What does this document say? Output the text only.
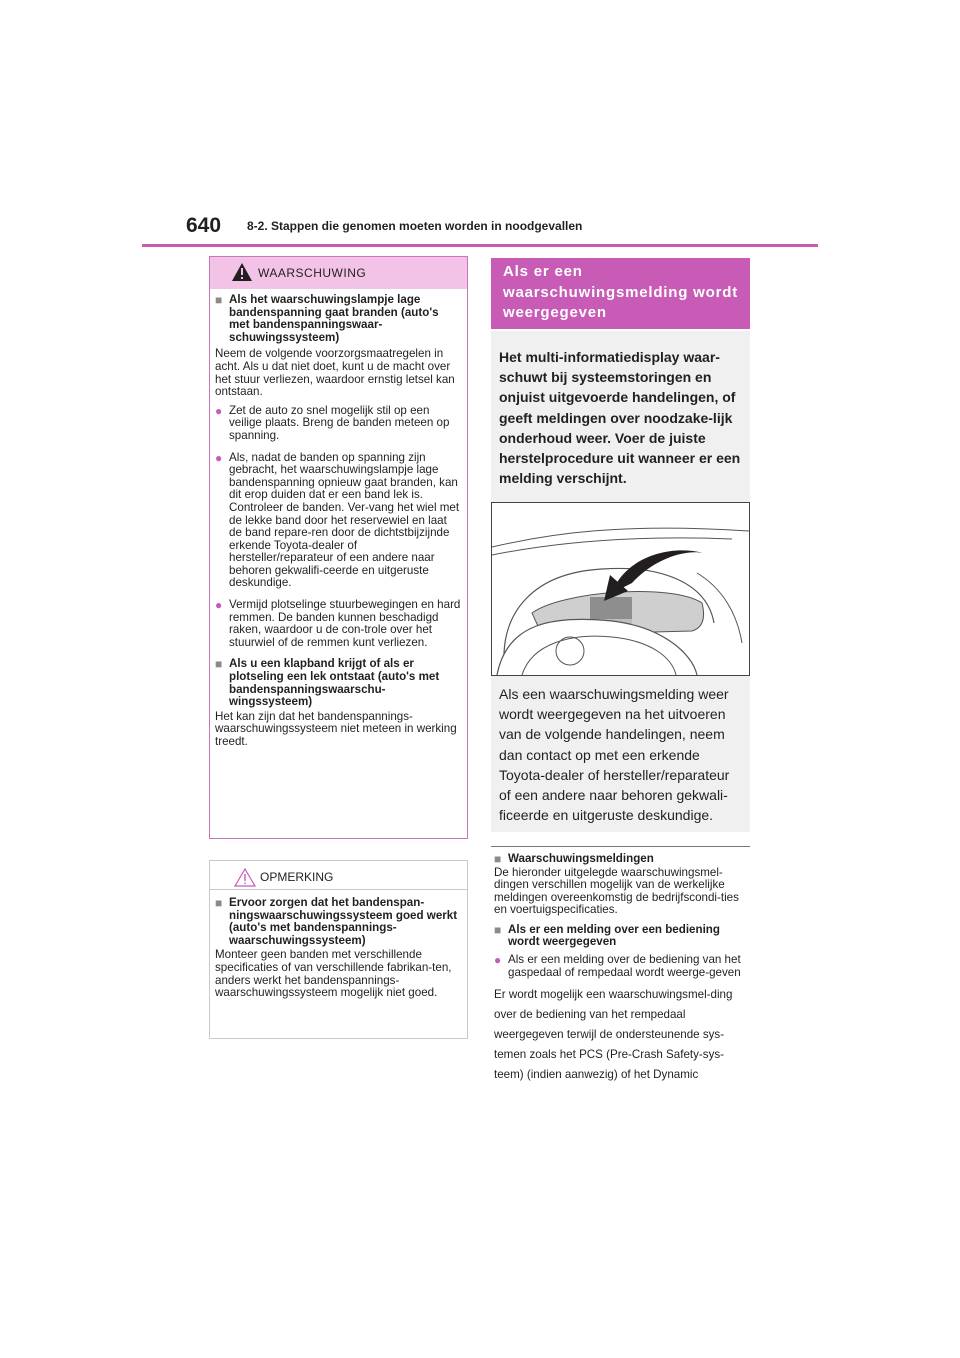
640 8-2. Stappen die genomen moeten worden in noodgevallen
WAARSCHUWING
■ Als het waarschuwingslampje lage bandenspanning gaat branden (auto's met bandenspanningswaar-schuwingssysteem)
Neem de volgende voorzorgsmaatregelen in acht. Als u dat niet doet, kunt u de macht over het stuur verliezen, waardoor ernstig letsel kan ontstaan.
● Zet de auto zo snel mogelijk stil op een veilige plaats. Breng de banden meteen op spanning.
● Als, nadat de banden op spanning zijn gebracht, het waarschuwingslampje lage bandenspanning opnieuw gaat branden, kan dit erop duiden dat er een band lek is. Controleer de banden. Ver-vang het wiel met de lekke band door het reservewiel en laat de band repare-ren door de dichtstbijzijnde erkende Toyota-dealer of hersteller/reparateur of een andere naar behoren gekwalifi-ceerde en uitgeruste deskundige.
● Vermijd plotselinge stuurbewegingen en hard remmen. De banden kunnen beschadigd raken, waardoor u de con-trole over het stuurwiel of de remmen kunt verliezen.
■ Als u een klapband krijgt of als er plotseling een lek ontstaat (auto's met bandenspanningswaarschu-wingssysteem)
Het kan zijn dat het bandenspannings-waarschuwingssysteem niet meteen in werking treedt.
OPMERKING
■ Ervoor zorgen dat het bandenspan-ningswaarschuwingssysteem goed werkt (auto's met bandenspannings-waarschuwingssysteem)
Monteer geen banden met verschillende specificaties of van verschillende fabrikan-ten, anders werkt het bandenspannings-waarschuwingssysteem mogelijk niet goed.
Als er een waarschuwingsmelding wordt weergegeven
Het multi-informatiedisplay waar-schuwt bij systeemstoringen en onjuist uitgevoerde handelingen, of geeft meldingen over noodzake-lijk onderhoud weer. Voer de juiste herstelprocedure uit wanneer er een melding verschijnt.
Als een waarschuwingsmelding weer wordt weergegeven na het uitvoeren van de volgende handelingen, neem dan contact op met een erkende Toyota-dealer of hersteller/reparateur of een andere naar behoren gekwali-ficeerde en uitgeruste deskundige.
■ Waarschuwingsmeldingen
De hieronder uitgelegde waarschuwingsmel-dingen verschillen mogelijk van de werkelijke meldingen overeenkomstig de bedrijfscondi-ties en voertuigspecificaties.
■ Als er een melding over een bediening wordt weergegeven
● Als er een melding over de bediening van het gaspedaal of rempedaal wordt weerge-geven
Er wordt mogelijk een waarschuwingsmel-ding over de bediening van het rempedaal weergegeven terwijl de ondersteunende sys-temen zoals het PCS (Pre-Crash Safety-sys-teem) (indien aanwezig) of het Dynamic
